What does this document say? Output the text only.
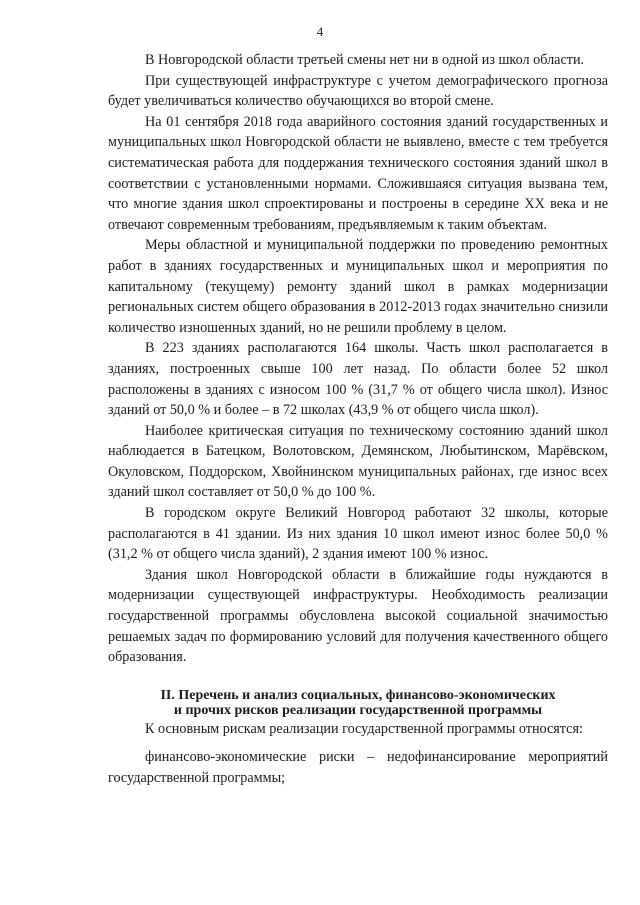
4

В Новгородской области третьей смены нет ни в одной из школ области.

При существующей инфраструктуре с учетом демографического прогноза будет увеличиваться количество обучающихся во второй смене.

На 01 сентября 2018 года аварийного состояния зданий государственных и муниципальных школ Новгородской области не выявлено, вместе с тем требуется систематическая работа для поддержания технического состояния зданий школ в соответствии с установленными нормами. Сложившаяся ситуация вызвана тем, что многие здания школ спроектированы и построены в середине XX века и не отвечают современным требованиям, предъявляемым к таким объектам.

Меры областной и муниципальной поддержки по проведению ремонтных работ в зданиях государственных и муниципальных школ и мероприятия по капитальному (текущему) ремонту зданий школ в рамках модернизации региональных систем общего образования в 2012-2013 годах значительно снизили количество изношенных зданий, но не решили проблему в целом.

В 223 зданиях располагаются 164 школы. Часть школ располагается в зданиях, построенных свыше 100 лет назад. По области более 52 школ расположены в зданиях с износом 100 % (31,7 % от общего числа школ). Износ зданий от 50,0 % и более – в 72 школах (43,9 % от общего числа школ).

Наиболее критическая ситуация по техническому состоянию зданий школ наблюдается в Батецком, Волотовском, Демянском, Любытинском, Марёвском, Окуловском, Поддорском, Хвойнинском муниципальных районах, где износ всех зданий школ составляет от 50,0 % до 100 %.

В городском округе Великий Новгород работают 32 школы, которые располагаются в 41 здании. Из них здания 10 школ имеют износ более 50,0 % (31,2 % от общего числа зданий), 2 здания имеют 100 % износ.

Здания школ Новгородской области в ближайшие годы нуждаются в модернизации существующей инфраструктуры. Необходимость реализации государственной программы обусловлена высокой социальной значимостью решаемых задач по формированию условий для получения качественного общего образования.

II. Перечень и анализ социальных, финансово-экономических
и прочих рисков реализации государственной программы

К основным рискам реализации государственной программы относятся:

финансово-экономические риски – недофинансирование мероприятий государственной программы;
